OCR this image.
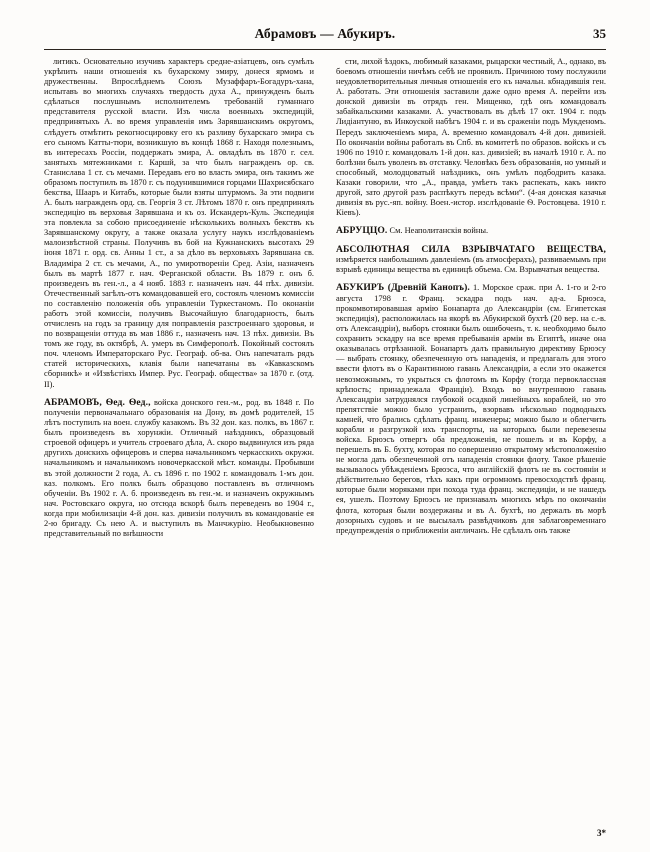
Абрамовъ — Абукиръ.	35

литикъ. Основательно изучивъ характеръ средне-азіатцевъ, онъ сумѣлъ укрѣпить наши отношенія къ бухарскому эмиру, донеся ярмомъ и дружественны. Впрослѣднемъ Союзъ Музаффаръ-Богадуръ-хана, испытавъ во многихъ случаяхъ твердость духа А., принужденъ былъ сдѣлаться послушнымъ исполнителемъ требованій гуманнаго представителя русской власти. Изъ числа военныхъ экспедицій, предпринятыхъ А. во время управленія имъ Зарявшанскимъ округомъ, слѣдуетъ отмѣтить рекогносцировку его къ разливу бухарскаго эмира съ его сыномъ Катты-тюри, возникшую въ концѣ 1868 г. Находя полезнымъ, въ интересахъ Россіи, поддержать эмира, А. овладѣлъ въ 1870 г. сел. занятыхъ мятежниками г. Каршй, за что былъ награжденъ ор. св. Станислава 1 ст. съ мечами. Передавъ его во власть эмира, онъ такимъ же образомъ поступилъ въ 1870 г. съ подунившимися горцами Шахрисябскаго бекства, Шааръ и Китабъ, которые были взяты штурмомъ. За эти подвиги А. былъ награжденъ орд. св. Георгія 3 ст. Лѣтомъ 1870 г. онъ предпринялъ экспедицію въ верховья Зарявшана и къ оз. Искандеръ-Куль. Экспедиція эта повлекла за собою присоединеніе нѣсколькихъ волныхъ бекствъ къ Зарявшанскому округу, а также оказала услугу наукъ изслѣдованіемъ малоизвѣстной страны. Получивъ въ бой на Кужнанскихъ высотахъ 29 іюня 1871 г. орд. св. Анны 1 ст., а за дѣло въ верховьяхъ Зарявшана св. Владиміра 2 ст. съ мечами, А., по умиротвореніи Сред. Азіи, назначенъ былъ въ мартѣ 1877 г. нач. Ферганской области. Въ 1879 г. онъ б. произведенъ въ ген.-л., а 4 нояб. 1883 г. назначенъ нач. 44 пѣх. дивизіи. Отечественный загѣлъ-отъ командовавшей его, состоялъ членомъ комиссіи по составленію положенія объ управленіи Туркестаномъ. По оконаніи работъ этой комиссіи, получивъ Высочайшую благодарность, былъ отчисленъ на годъ за границу для поправленія разстроеннаго здоровья, и по возвращеніи оттуда въ мав 1886 г., назначенъ нач. 13 пѣх. дивизіи. Въ томъ же году, въ октябрѣ, А. умеръ въ Симферополѣ. Покойный состоялъ поч. членомъ Императорскаго Рус. Географ. об-ва. Онъ напечаталъ рядъ статей историческихъ, клавія были напечатаны въ «Кавказскомъ сборникѣ» и «Извѣстіяхъ Импер. Рус. Географ. общества» за 1870 г. (отд. II).

АБРАМОВЪ, Ѳед. Ѳед., войска донского ген.-м., род. въ 1848 г. По полученіи первоначальнаго образованія на Дону, въ домѣ родителей, 15 лѣтъ поступилъ на воен. службу казакомъ. Въ 32 дон. каз. полкъ, въ 1867 г. былъ произведенъ въ хорунжіи. Отличный наѣздникъ, образцовый строевой офицеръ и учитель строеваго дѣла, А. скоро выдвинулся изъ ряда другихъ донскихъ офицеровъ и сперва начальникомъ черкасскихъ окружн. начальникомъ и начальникомъ новочеркасской мѣст. команды. Пробывши въ этой должности 2 года, А. съ 1896 г. по 1902 г. командовалъ 1-мъ дон. каз. полкомъ. Его полкъ былъ образцово поставленъ въ отличномъ обученіи. Въ 1902 г. А. б. произведенъ въ ген.-м. и назначенъ окружнымъ нач. Ростовскаго округа, но отсюда вскорѣ былъ переведенъ во 1904 г., когда при мобилизаціи 4-й дон. каз. дивизіи получилъ въ командованіе ея 2-ю бригаду. Съ нею А. и выступилъ въ Манчжурію. Необыкновенно представительный по внѣшности

сти, лихой ѣздокъ, любимый казаками, рыцарски честный, А., однако, въ боевомъ отношеніи ничѣмъ себѣ не проявилъ. Причиною тому послужили неудовлетворительныя личныя отношенія его къ начальн. кбнадившія ген. А. работать. Эти отношенія заставили даже одно время А. перейти изъ донской дивизіи въ отрядъ ген. Мищенко, гдѣ онъ командовалъ забайкальскими казаками. А. участвовалъ въ дѣлѣ 17 окт. 1904 г. подъ Лидіантуню, въ Инкоуской набѣгъ 1904 г. и въ сраженіи подъ Мукденомъ. Передъ заключеніемъ мира, А. временно командовалъ 4-й дон. дивизіей. По окончаніи войны работалъ въ Спб. въ комитетѣ по образов. войскъ и съ 1906 по 1910 г. командовалъ 1-й дон. каз. дивизіей; въ началѣ 1910 г. А. по болѣзни былъ уволенъ въ отставку. Человѣкъ безъ образованія, но умный и способный, молодцоватый наѣздникъ, онъ умѣлъ подбодрить казака. Казаки говорили, что „А., правда, умѣетъ такъ распекать, какъ никто другой, зато другой разъ распѣкутъ передъ всѣми“. (4-ая донская казачья дивизія въ рус.-яп. войну. Воен.-истор. изслѣдованіе Ѳ. Ростовцева. 1910 г. Кіевъ).

АБРУЦЦО. См. Неаполитанскія войны.

АБСОЛЮТНАЯ СИЛА ВЗРЫВЧАТАГО ВЕЩЕСТВА, измѣряется наибольшимъ давленіемъ (въ атмосферахъ), развиваемымъ при взрывѣ единицы вещества въ единицѣ объема. См. Взрывчатыя вещества.

АБУКИРЪ (Древній Канопъ). 1. Морское сраж. при А. 1-го и 2-го августа 1798 г. Франц. эскадра подъ нач. ад-а. Брюэса, прокомвотировавшая армію Бонапарта до Александріи (см. Египетская экспедиція), расположилась на якорѣ въ Абукирской бухтѣ (20 вер. на с.-в. отъ Александріи), выборъ стоянки былъ ошибоченъ, т. к. необходимо было сохранить эскадру на все время пребыванія арміи въ Египтѣ, иначе она оказывалась отрѣзанной. Бонапартъ далъ правильную директиву Брюэсу — выбрать стоянку, обезпеченную отъ нападенія, и предлагалъ для этого ввести флотъ въ о Карантинною гавань Александріи, а если это окажется невозможнымъ, то укрыться съ флотомъ въ Корфу (тогда первоклассная крѣпость; принадлежала Франціи). Входъ во внутреннюю гавань Александріи затруднялся глубокой осадкой линейныхъ кораблей, но это препятствіе можно было устранить, взорвавъ нѣсколько подводныхъ камней, что брались сдѣлать франц. инженеры; можно было и облегчить корабли и разгрузкой ихъ транспорты, на которыхъ были перевезены войска. Брюэсъ отвергъ оба предложенія, не пошелъ и въ Корфу, а перешелъ въ Б. бухту, которая по совершенно открытому мѣстоположенію не могла дать обезпеченной отъ нападенія стоянки флоту. Такое рѣшеніе вызывалось убѣжденіемъ Брюэса, что англійскій флотъ не въ состояніи и дѣйствительно берегов, тѣхъ какъ при огромномъ превосходствѣ франц. которые были моряками при похода туда франц. экспедиціи, и не нашедъ ея, ушелъ. Поэтому Брюэсъ не признавалъ многихъ мѣръ по окончаніи флота, которыя были воздержаны и въ А. бухтѣ, но держалъ въ морѣ дозорныхъ судовъ и не высылалъ развѣдчиковъ для заблаговременнаго предупрежденія о приближеніи англичанъ. Не сдѣлалъ онъ также

3*
